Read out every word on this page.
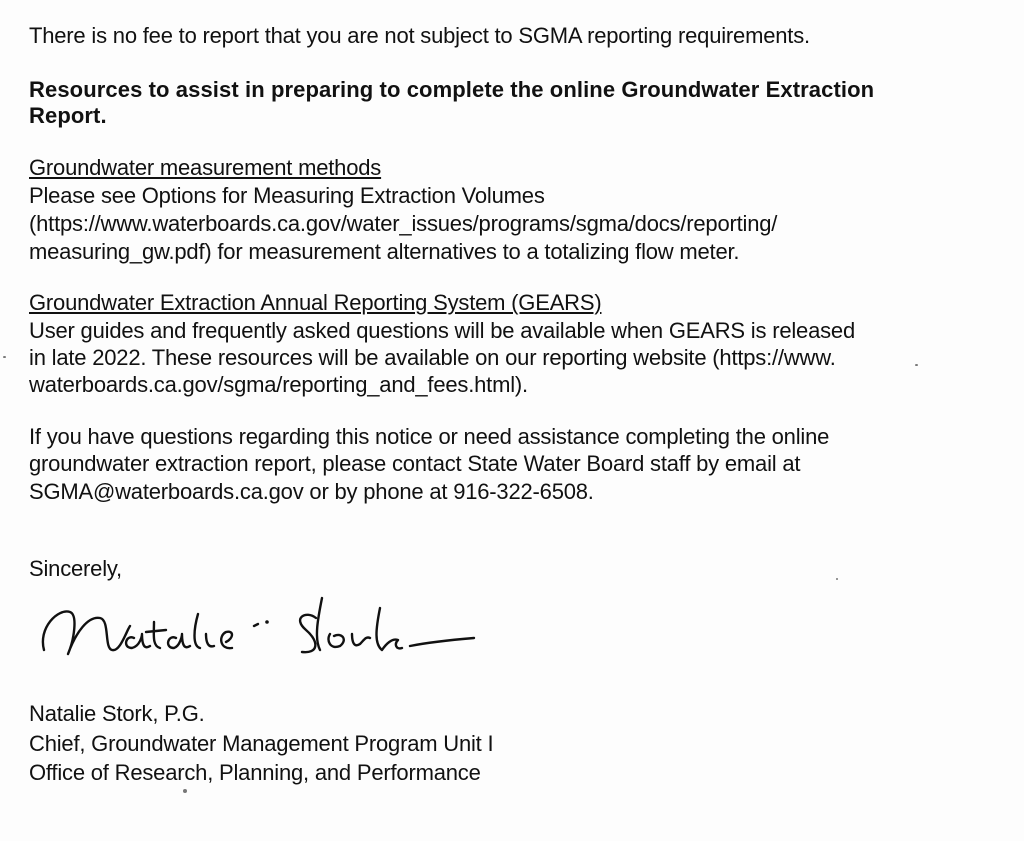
There is no fee to report that you are not subject to SGMA reporting requirements.
Resources to assist in preparing to complete the online Groundwater Extraction
Report.
Groundwater measurement methods
Please see Options for Measuring Extraction Volumes
(https://www.waterboards.ca.gov/water_issues/programs/sgma/docs/reporting/
measuring_gw.pdf) for measurement alternatives to a totalizing flow meter.
Groundwater Extraction Annual Reporting System (GEARS)
User guides and frequently asked questions will be available when GEARS is released
in late 2022. These resources will be available on our reporting website (https://www.
waterboards.ca.gov/sgma/reporting_and_fees.html).
If you have questions regarding this notice or need assistance completing the online
groundwater extraction report, please contact State Water Board staff by email at
SGMA@waterboards.ca.gov or by phone at 916-322-6508.
Sincerely,
Natalie Stork, P.G.
Chief, Groundwater Management Program Unit I
Office of Research, Planning, and Performance
